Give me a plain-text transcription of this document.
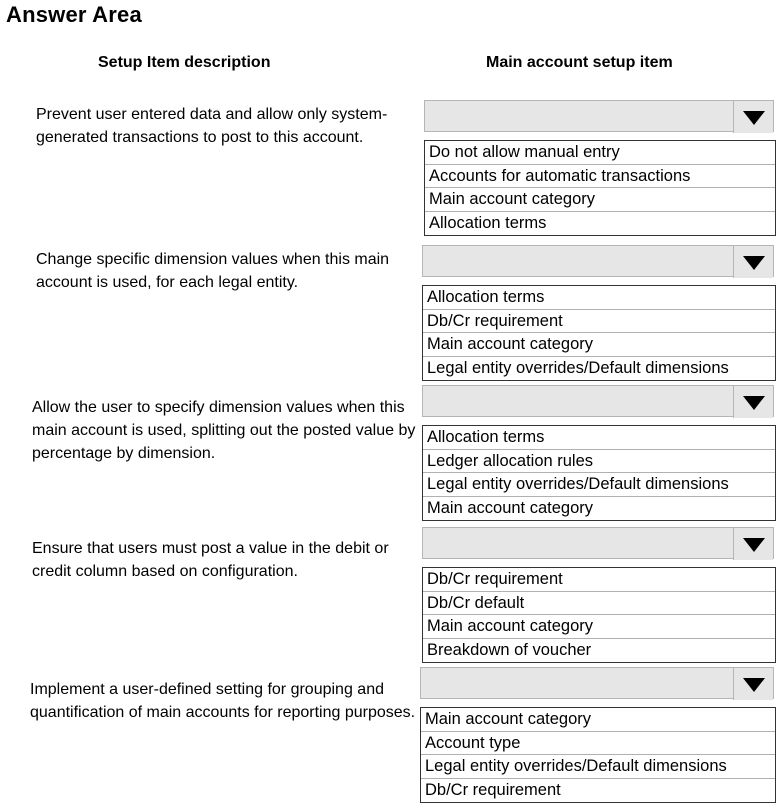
Answer Area
Setup Item description	Main account setup item
Prevent user entered data and allow only system-generated transactions to post to this account.
Do not allow manual entry
Accounts for automatic transactions
Main account category
Allocation terms
Change specific dimension values when this main account is used, for each legal entity.
Allocation terms
Db/Cr requirement
Main account category
Legal entity overrides/Default dimensions
Allow the user to specify dimension values when this main account is used, splitting out the posted value by percentage by dimension.
Allocation terms
Ledger allocation rules
Legal entity overrides/Default dimensions
Main account category
Ensure that users must post a value in the debit or credit column based on configuration.	Db/Cr requirement
Db/Cr default
Main account category
Breakdown of voucher
Implement a user-defined setting for grouping and quantification of main accounts for reporting purposes. Main account category
Account type
Legal entity overrides/Default dimensions
Db/Cr requirement
